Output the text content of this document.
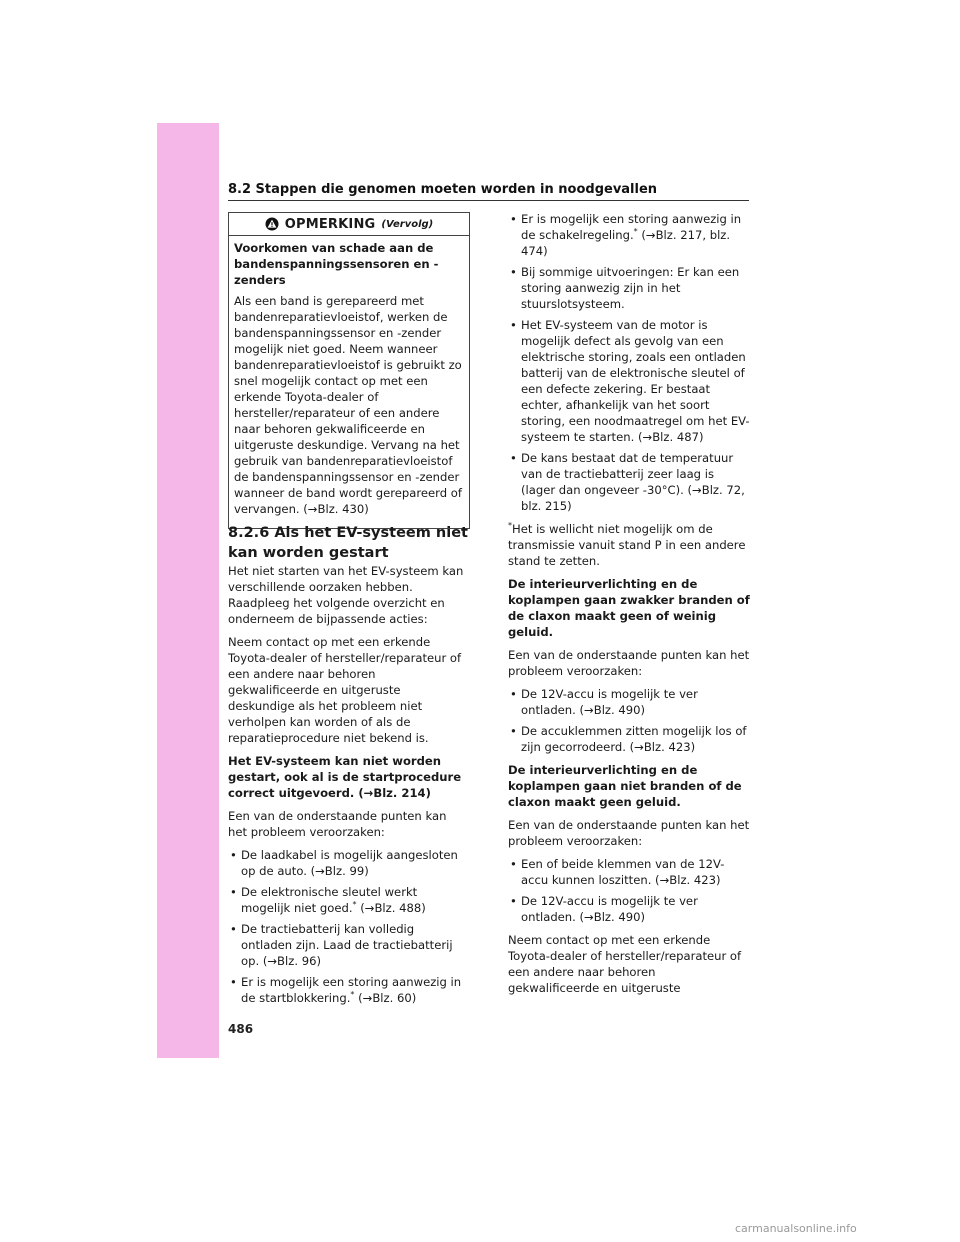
8.2 Stappen die genomen moeten worden in noodgevallen
OPMERKING (Vervolg)

Voorkomen van schade aan de bandenspanningssensoren en -zenders

Als een band is gerepareerd met bandenreparatievloeistof, werken de bandenspanningssensor en -zender mogelijk niet goed. Neem wanneer bandenreparatievloeistof is gebruikt zo snel mogelijk contact op met een erkende Toyota-dealer of hersteller/reparateur of een andere naar behoren gekwalificeerde en uitgeruste deskundige. Vervang na het gebruik van bandenreparatievloeistof de bandenspanningssensor en -zender wanneer de band wordt gerepareerd of vervangen. (→Blz. 430)

8.2.6 Als het EV-systeem niet kan worden gestart

Het niet starten van het EV-systeem kan verschillende oorzaken hebben. Raadpleeg het volgende overzicht en onderneem de bijpassende acties:

Neem contact op met een erkende Toyota-dealer of hersteller/reparateur of een andere naar behoren gekwalificeerde en uitgeruste deskundige als het probleem niet verholpen kan worden of als de reparatieprocedure niet bekend is.

Het EV-systeem kan niet worden gestart, ook al is de startprocedure correct uitgevoerd. (→Blz. 214)

Een van de onderstaande punten kan het probleem veroorzaken:

• De laadkabel is mogelijk aangesloten op de auto. (→Blz. 99)
• De elektronische sleutel werkt mogelijk niet goed.* (→Blz. 488)
• De tractiebatterij kan volledig ontladen zijn. Laad de tractiebatterij op. (→Blz. 96)
• Er is mogelijk een storing aanwezig in de startblokkering.* (→Blz. 60)
• Er is mogelijk een storing aanwezig in de schakelregeling.* (→Blz. 217, blz. 474)
• Bij sommige uitvoeringen: Er kan een storing aanwezig zijn in het stuurslotsysteem.
• Het EV-systeem van de motor is mogelijk defect als gevolg van een elektrische storing, zoals een ontladen batterij van de elektronische sleutel of een defecte zekering. Er bestaat echter, afhankelijk van het soort storing, een noodmaatregel om het EV-systeem te starten. (→Blz. 487)
• De kans bestaat dat de temperatuur van de tractiebatterij zeer laag is (lager dan ongeveer -30°C). (→Blz. 72, blz. 215)

*Het is wellicht niet mogelijk om de transmissie vanuit stand P in een andere stand te zetten.

De interieurverlichting en de koplampen gaan zwakker branden of de claxon maakt geen of weinig geluid.

Een van de onderstaande punten kan het probleem veroorzaken:

• De 12V-accu is mogelijk te ver ontladen. (→Blz. 490)
• De accuklemmen zitten mogelijk los of zijn gecorrodeerd. (→Blz. 423)

De interieurverlichting en de koplampen gaan niet branden of de claxon maakt geen geluid.

Een van de onderstaande punten kan het probleem veroorzaken:

• Een of beide klemmen van de 12V-accu kunnen loszitten. (→Blz. 423)
• De 12V-accu is mogelijk te ver ontladen. (→Blz. 490)

Neem contact op met een erkende Toyota-dealer of hersteller/reparateur of een andere naar behoren gekwalificeerde en uitgeruste

486
carmanualsonline.info
